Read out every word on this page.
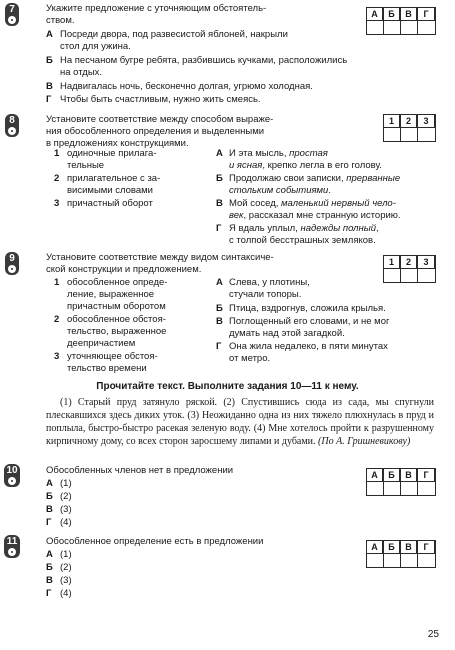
7	Укажите предложение с уточняющим обстоятель-
ством.
А	Б	В	Г
А Посреди двора, под развесистой яблоней, накрыли
стол для ужина.
Б На песчаном бугре ребята, разбившись кучками, расположились
на отдых.
В Надвигалась ночь, бесконечно долгая, угрюмо холодная.
Г Чтобы быть счастливым, нужно жить смеясь.
8	Установите соответствие между способом выраже-
ния обособленного определения и выделенными
в предложениях конструкциями.
1	2	3
1 одиночные прилага-
тельные
2 прилагательное с за-
висимыми словами
3 причастный оборот
А И эта мысль, простая
и ясная, крепко легла в его голову.
Б Продолжаю свои записки, прерванные
стольким событиями.
В Мой сосед, маленький нервный чело-
век, рассказал мне странную историю.
Г Я вдаль уплыл, надежды полный,
с толпой бесстрашных земляков.
9	Установите соответствие между видом синтаксиче-
ской конструкции и предложением.
1	2	3
1 обособленное опреде-
ление, выраженное
причастным оборотом
2 обособленное обстоя-
тельство, выраженное
деепричастием
3 уточняющее обстоя-
тельство времени
А Слева, у плотины,
стучали топоры.
Б Птица, вздрогнув, сложила крылья.
В Поглощенный его словами, и не мог
думать над этой загадкой.
Г Она жила недалеко, в пяти минутах
от метро.
Прочитайте текст. Выполните задания 10—11 к нему.
(1) Старый пруд затянуло ряской. (2) Спустившись сюда из сада, мы спугнули плескавшихся здесь диких уток. (3) Неожиданно одна из них тяжело плюхнулась в пруд и поплыла, быстро-быстро расекая зеленую воду. (4) Мне хотелось пройти к разрушенному кирпичному дому, со всех сторон заросшему липами и дубами. (По А. Гришневикову)
10	Обособленных членов нет в предложении	А	Б	В	Г
А (1)
Б (2)
В (3)
Г (4)
11	Обособленное определение есть в предложении	А	Б	В	Г
А (1)
Б (2)
В (3)
Г (4)
25
